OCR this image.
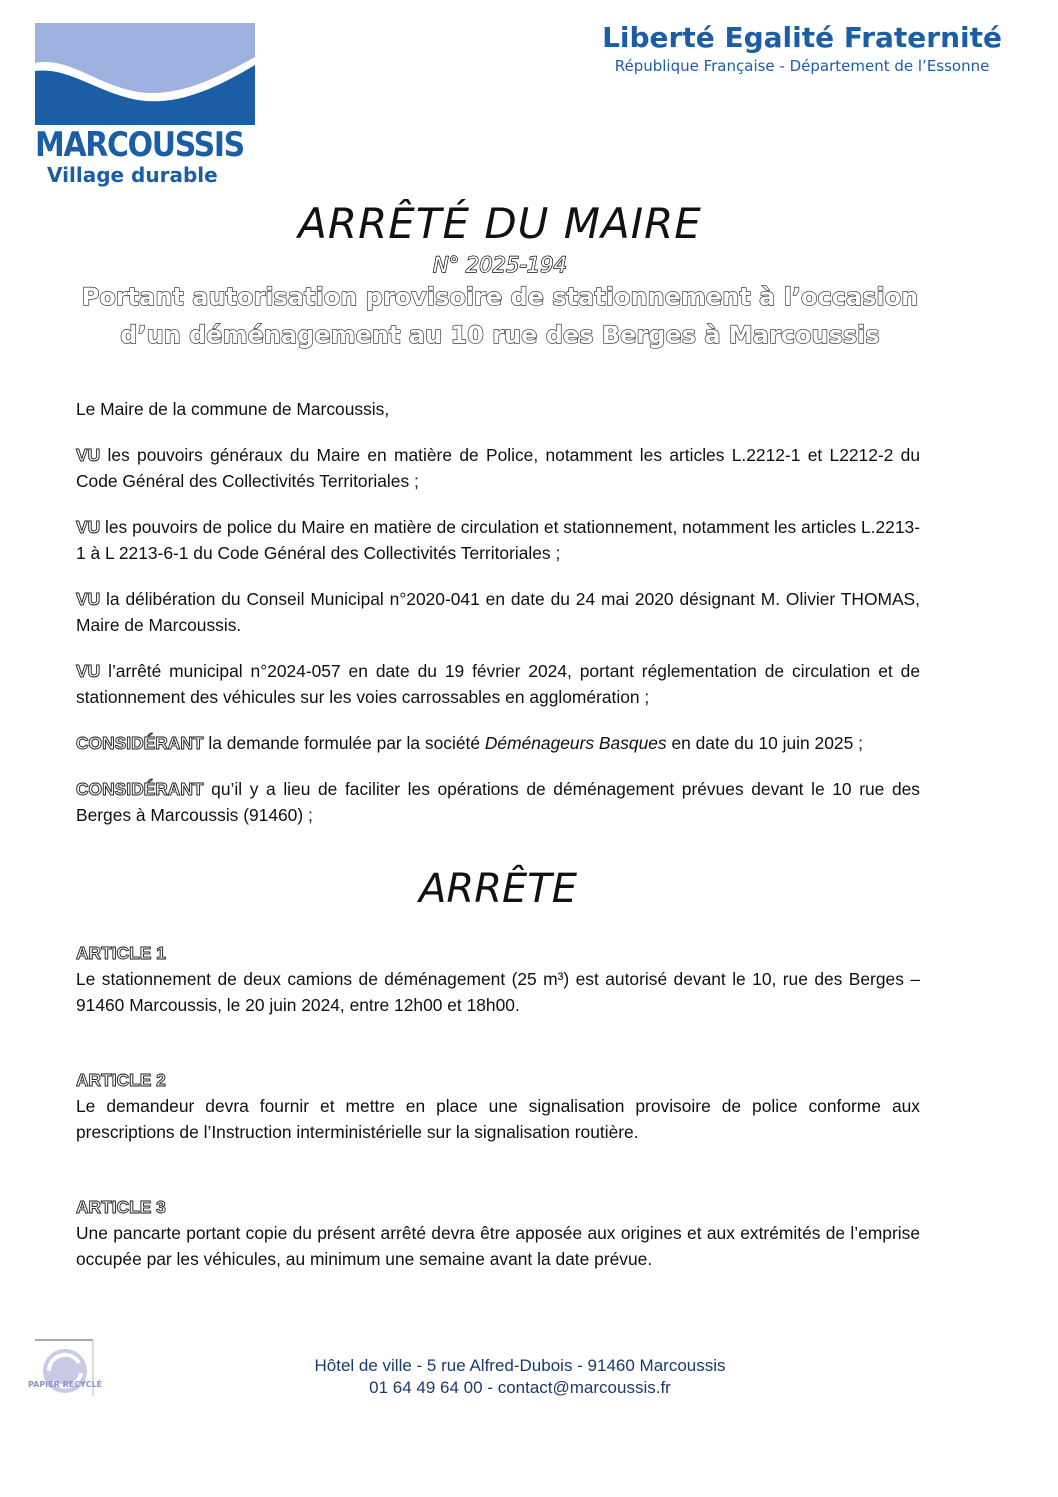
MARCOUSSIS
Village durable
Liberté Egalité Fraternité
République Française - Département de l’Essonne
ARRÊTÉ DU MAIRE
N° 2025-194
Portant autorisation provisoire de stationnement à l’occasion
d’un déménagement au 10 rue des Berges à Marcoussis

Le Maire de la commune de Marcoussis,

VU les pouvoirs généraux du Maire en matière de Police, notamment les articles L.2212-1 et L2212-2 du Code Général des Collectivités Territoriales ;

VU les pouvoirs de police du Maire en matière de circulation et stationnement, notamment les articles L.2213-1 à L 2213-6-1 du Code Général des Collectivités Territoriales ;

VU la délibération du Conseil Municipal n°2020-041 en date du 24 mai 2020 désignant M. Olivier THOMAS, Maire de Marcoussis.

VU l’arrêté municipal n°2024-057 en date du 19 février 2024, portant réglementation de circulation et de stationnement des véhicules sur les voies carrossables en agglomération ;

CONSIDÉRANT la demande formulée par la société Déménageurs Basques en date du 10 juin 2025 ;

CONSIDÉRANT qu’il y a lieu de faciliter les opérations de déménagement prévues devant le 10 rue des Berges à Marcoussis (91460) ;

ARRÊTE
ARTICLE 1
Le stationnement de deux camions de déménagement (25 m³) est autorisé devant le 10, rue des Berges – 91460 Marcoussis, le 20 juin 2024, entre 12h00 et 18h00.
ARTICLE 2
Le demandeur devra fournir et mettre en place une signalisation provisoire de police conforme aux prescriptions de l’Instruction interministérielle sur la signalisation routière.
ARTICLE 3
Une pancarte portant copie du présent arrêté devra être apposée aux origines et aux extrémités de l’emprise occupée par les véhicules, au minimum une semaine avant la date prévue.
PAPIER RECYCLÉ
Hôtel de ville - 5 rue Alfred-Dubois - 91460 Marcoussis
01 64 49 64 00 - contact@marcoussis.fr
